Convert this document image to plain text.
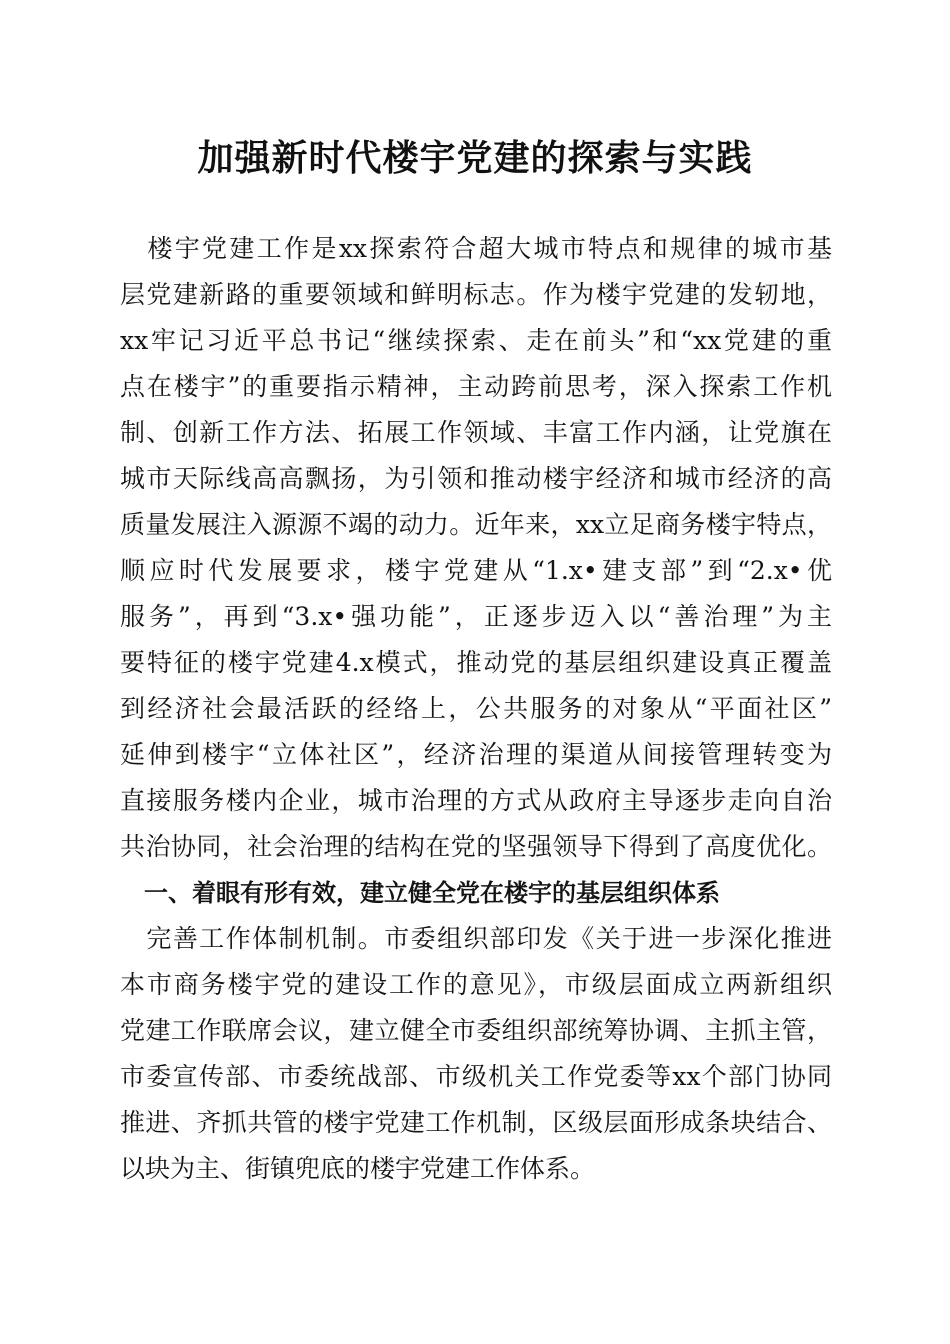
加强新时代楼宇党建的探索与实践
　楼宇党建工作是xx探索符合超大城市特点和规律的城市基
层党建新路的重要领域和鲜明标志。作为楼宇党建的发轫地，
xx牢记习近平总书记“继续探索、走在前头”和“xx党建的重
点在楼宇”的重要指示精神，主动跨前思考，深入探索工作机
制、创新工作方法、拓展工作领域、丰富工作内涵，让党旗在
城市天际线高高飘扬，为引领和推动楼宇经济和城市经济的高
质量发展注入源源不竭的动力。近年来，xx立足商务楼宇特点，
顺应时代发展要求，楼宇党建从“1.x•建支部”到“2.x•优
服务”，再到“3.x•强功能”，正逐步迈入以“善治理”为主
要特征的楼宇党建4.x模式，推动党的基层组织建设真正覆盖
到经济社会最活跃的经络上，公共服务的对象从“平面社区”
延伸到楼宇“立体社区”，经济治理的渠道从间接管理转变为
直接服务楼内企业，城市治理的方式从政府主导逐步走向自治
共治协同，社会治理的结构在党的坚强领导下得到了高度优化。
　一、着眼有形有效，建立健全党在楼宇的基层组织体系
　完善工作体制机制。市委组织部印发《关于进一步深化推进
本市商务楼宇党的建设工作的意见》，市级层面成立两新组织
党建工作联席会议，建立健全市委组织部统筹协调、主抓主管，
市委宣传部、市委统战部、市级机关工作党委等xx个部门协同
推进、齐抓共管的楼宇党建工作机制，区级层面形成条块结合、
以块为主、街镇兜底的楼宇党建工作体系。
